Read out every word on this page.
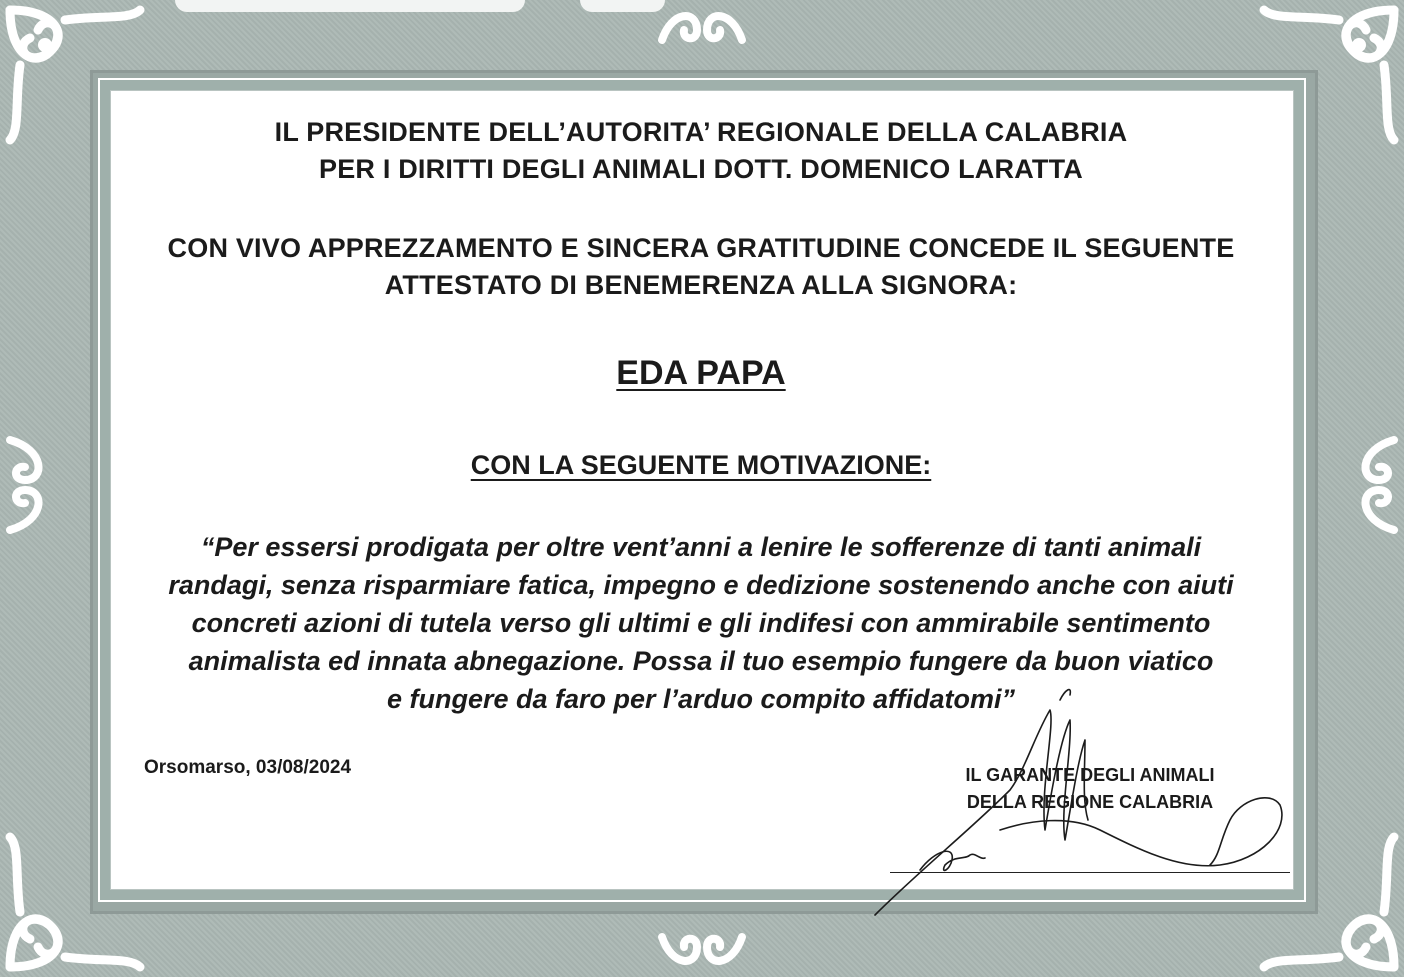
IL PRESIDENTE DELL’AUTORITA’ REGIONALE DELLA CALABRIA
PER I DIRITTI DEGLI ANIMALI DOTT. DOMENICO LARATTA
CON VIVO APPREZZAMENTO E SINCERA GRATITUDINE CONCEDE IL SEGUENTE
ATTESTATO DI BENEMERENZA ALLA SIGNORA:
EDA PAPA
CON LA SEGUENTE MOTIVAZIONE:
“Per essersi prodigata per oltre vent’anni a lenire le sofferenze di tanti animali
randagi, senza risparmiare fatica, impegno e dedizione sostenendo anche con aiuti
concreti azioni di tutela verso gli ultimi e gli indifesi con ammirabile sentimento
animalista ed innata abnegazione. Possa il tuo esempio fungere da buon viatico
e fungere da faro per l’arduo compito affidatomi”
Orsomarso, 03/08/2024	IL GARANTE DEGLI ANIMALI
DELLA REGIONE CALABRIA
